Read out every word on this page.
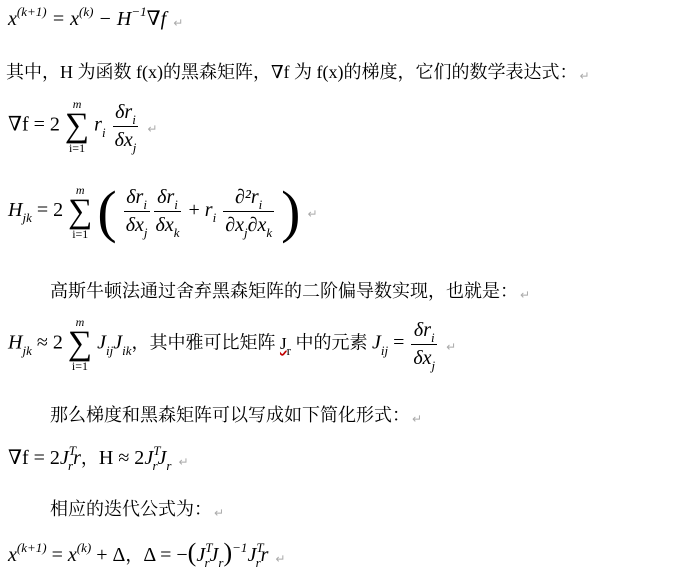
$x^{(k+1)} = x^{(k)} - H^{-1}\nabla f$ ↵
其中，H 为函数 f(x)的黑森矩阵，∇f 为 f(x)的梯度，它们的数学表达式： ↵
∇f = 2
m
∑
i=1
$r_i \frac{\delta r_i}{\delta x_j}$ ↵
$H_{jk} = 2$
m
∑
i=1 ( $\frac{\delta r_i}{\delta x_j} \frac{\delta r_i}{\delta x_k} + r_i \frac{\partial^2r_i}{\partial x_j\partial x_k}$ ) ↵
高斯牛顿法通过舍弃黑森矩阵的二阶偏导数实现，也就是： ↵
$H_{jk} \approx 2$
m
∑
i=1
$J_{ij}J_{ik}$，其中雅可比矩阵 $J_r$ 中的元素 $J_{ij} = \frac{\delta r_i}{\delta x_j}$ ↵
那么梯度和黑森矩阵可以写成如下简化形式： ↵
$\nabla f = 2J^T_rr$，$H \approx 2J^T_rJ_r$ ↵
相应的迭代公式为： ↵
$x^{(k+1)} = x^{(k)} + \Delta$，$\Delta = -(J^T_rJ_r)^{-1}J^T_rr$ ↵
